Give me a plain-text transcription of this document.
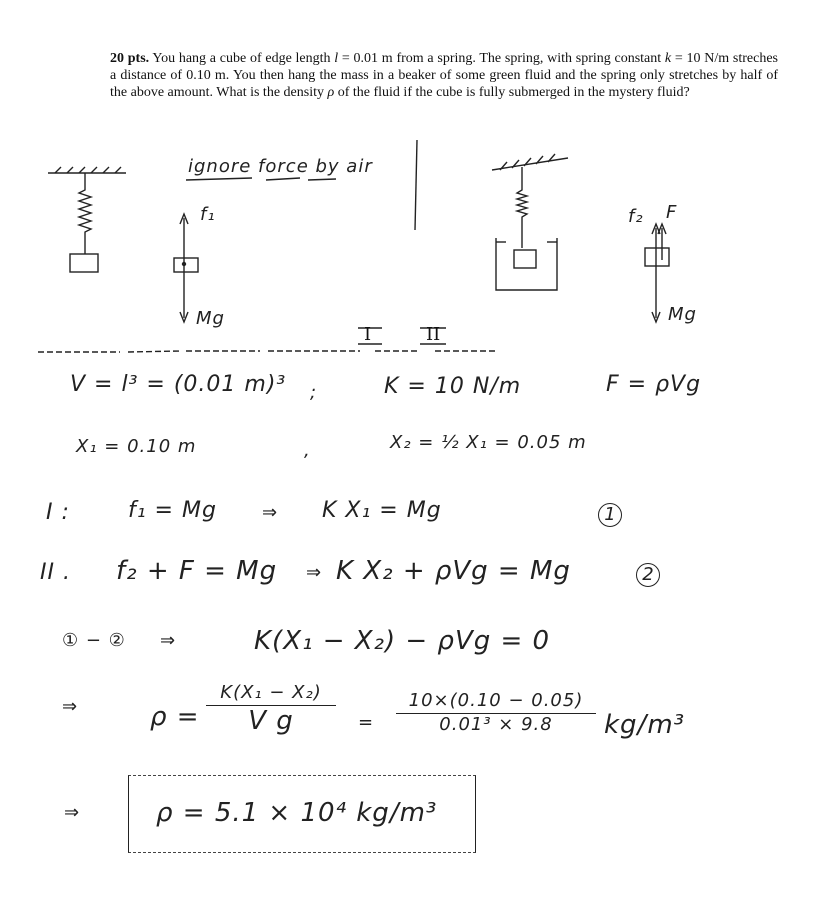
20 pts. You hang a cube of edge length l = 0.01 m from a spring. The spring, with spring constant k = 10 N/m streches a distance of 0.10 m. You then hang the mass in a beaker of some green fluid and the spring only stretches by half of the above amount. What is the density ρ of the fluid if the cube is fully submerged in the mystery fluid?
ignore force by air
f₁
Mg
f₂ F
Mg
I	II
V = l³ = (0.01 m)³ ;	K = 10 N/m	F = ρVg
X₁ = 0.10 m	,	X₂ = ½ X₁ = 0.05 m
I :	f₁ = Mg	⇒ K X₁ = Mg	1
II . f₂ + F = Mg ⇒ K X₂ + ρVg = Mg	2
① − ② ⇒	K(X₁ − X₂) − ρVg = 0
⇒	ρ =
K(X₁ − X₂)
V g	= $\frac{10\times(0.10 - 0.05)}{\text{0.01³ × 9.8}} kg/m^3$
⇒	ρ = 5.1 × 10⁴ kg/m³
